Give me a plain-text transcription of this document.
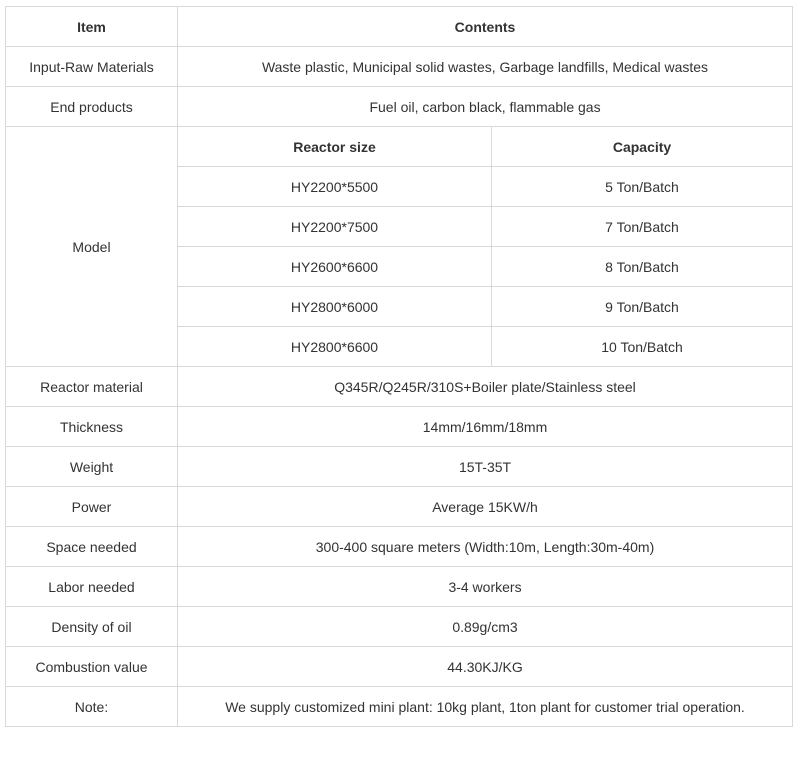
Item	Contents	
Input-Raw Materials	Waste plastic, Municipal solid wastes, Garbage landfills, Medical wastes	
End products	Fuel oil, carbon black, flammable gas	
Model	Reactor size	Capacity
	HY2200*5500	5 Ton/Batch
	HY2200*7500	7 Ton/Batch
	HY2600*6600	8 Ton/Batch
	HY2800*6000	9 Ton/Batch
	HY2800*6600	10 Ton/Batch
Reactor material	Q345R/Q245R/310S+Boiler plate/Stainless steel	
Thickness	14mm/16mm/18mm	
Weight	15T-35T	
Power	Average 15KW/h	
Space needed	300-400 square meters (Width:10m, Length:30m-40m)	
Labor needed	3-4 workers	
Density of oil	0.89g/cm3	
Combustion value	44.30KJ/KG	
Note:	We supply customized mini plant: 10kg plant, 1ton plant for customer trial operation.	
